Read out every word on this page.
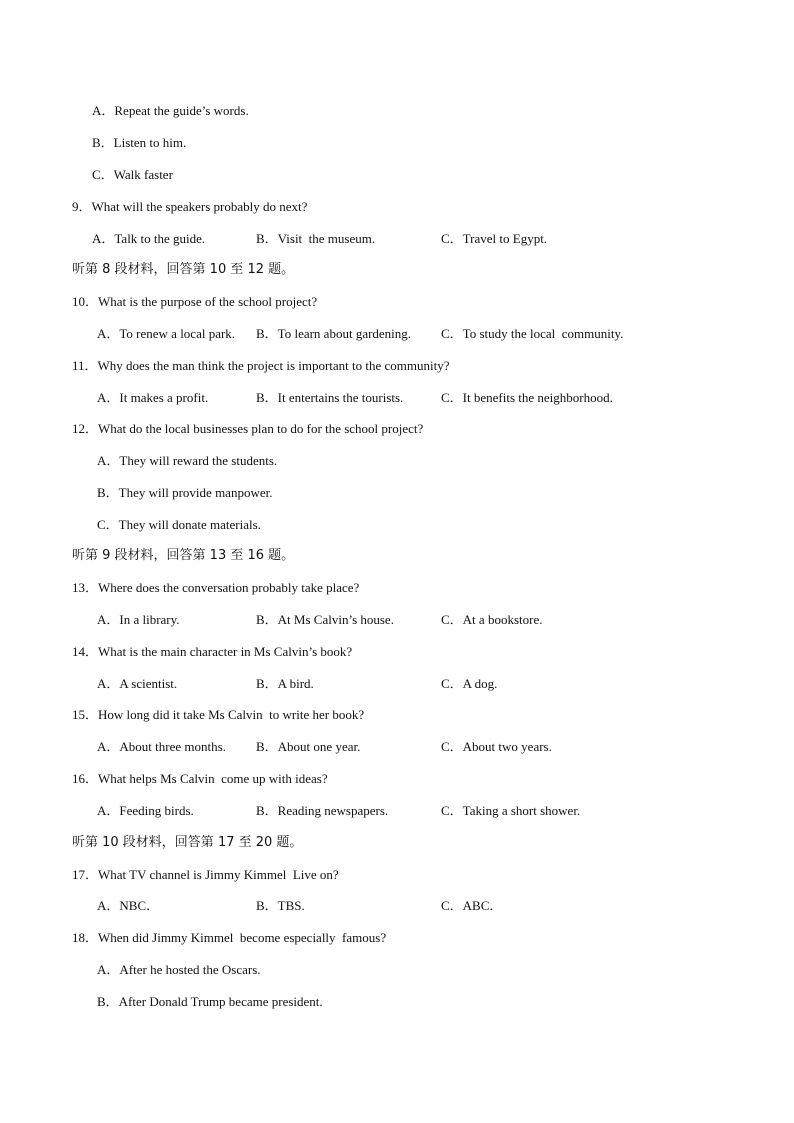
A．Repeat the guide’s words.
B．Listen to him.
C．Walk faster
9．What will the speakers probably do next?
A．Talk to the guide.	B．Visit  the museum.	C．Travel to Egypt.
听第 8 段材料，回答第 10 至 12 题。
10．What is the purpose of the school project?
A．To renew a local park. B．To learn about gardening. C．To study the local  community.
11．Why does the man think the project is important to the community?
A．It makes a profit.	B．It entertains the tourists.	C．It benefits the neighborhood.
12．What do the local businesses plan to do for the school project?
A．They will reward the students.
B．They will provide manpower.
C．They will donate materials.
听第 9 段材料，回答第 13 至 16 题。
13．Where does the conversation probably take place?
A．In a library.	B．At Ms Calvin’s house.	C．At a bookstore.
14．What is the main character in Ms Calvin’s book?
A．A scientist.	B．A bird.	C．A dog.
15．How long did it take Ms Calvin  to write her book?
A．About three months. B．About one year.	C．About two years.
16．What helps Ms Calvin  come up with ideas?
A．Feeding birds.	B．Reading newspapers.	C．Taking a short shower.
听第 10 段材料，回答第 17 至 20 题。
17．What TV channel is Jimmy Kimmel  Live on?
A．NBC．	B．TBS.	C．ABC．
18．When did Jimmy Kimmel  become especially  famous?
A．After he hosted the Oscars.
B．After Donald Trump became president.
